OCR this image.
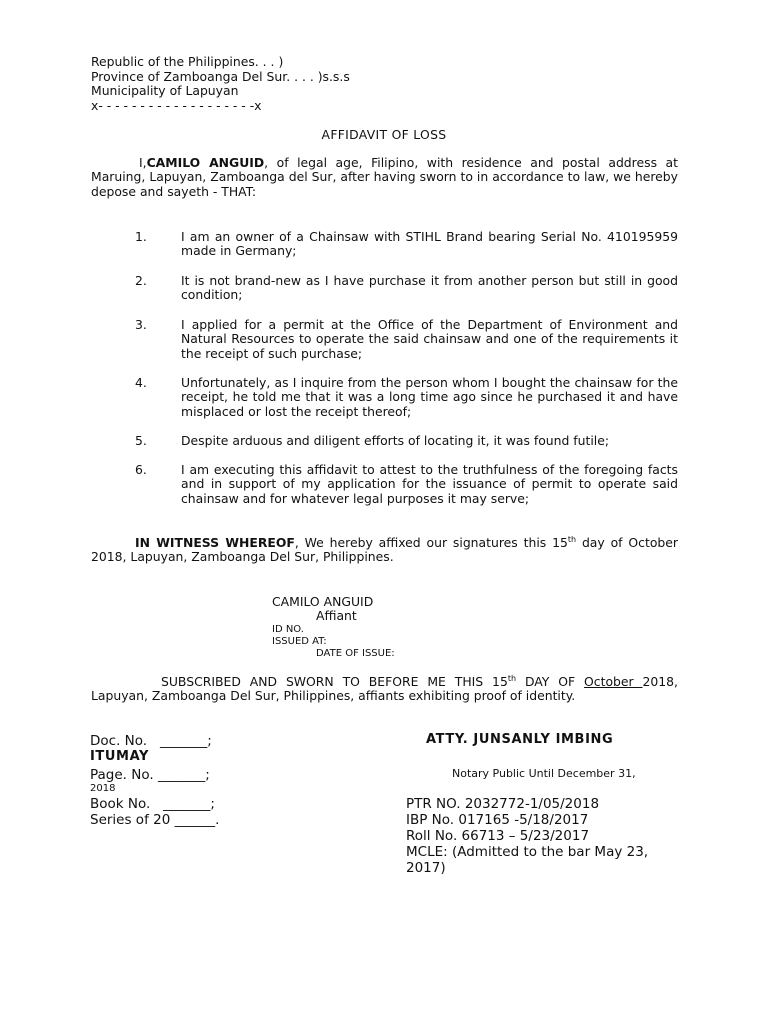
Republic of the Philippines. . . )
Province of Zamboanga Del Sur. . . . )s.s.s
Municipality of Lapuyan
x- - - - - - - - - - - - - - - - - - -x
AFFIDAVIT OF LOSS

I,CAMILO ANGUID, of legal age, Filipino, with residence and postal address at Maruing, Lapuyan, Zamboanga del Sur, after having sworn to in accordance to law, we hereby depose and sayeth - THAT:

1.	I am an owner of a Chainsaw with STIHL Brand bearing Serial No. 410195959 made in Germany;
2.	It is not brand-new as I have purchase it from another person but still in good condition;
3.	I applied for a permit at the Office of the Department of Environment and Natural Resources to operate the said chainsaw and one of the requirements it the receipt of such purchase;
4.	Unfortunately, as I inquire from the person whom I bought the chainsaw for the receipt, he told me that it was a long time ago since he purchased it and have misplaced or lost the receipt thereof;
5.	Despite arduous and diligent efforts of locating it, it was found futile;
6.	I am executing this affidavit to attest to the truthfulness of the foregoing facts and in support of my application for the issuance of permit to operate said chainsaw and for whatever legal purposes it may serve;

IN WITNESS WHEREOF, We hereby affixed our signatures this 15th day of October 2018, Lapuyan, Zamboanga Del Sur, Philippines.

CAMILO ANGUID
Affiant
ID NO.
ISSUED AT:
DATE OF ISSUE:

SUBSCRIBED AND SWORN TO BEFORE ME THIS 15th DAY OF October 2018, Lapuyan, Zamboanga Del Sur, Philippines, affiants exhibiting proof of identity.

Doc. No.   _______;	ATTY. JUNSANLY IMBING
ITUMAY
Page. No. _______;	Notary Public Until December 31,
2018
Book No.   _______;
Series of 20 ______.
PTR NO. 2032772-1/05/2018
IBP No. 017165 -5/18/2017
Roll No. 66713 – 5/23/2017
MCLE: (Admitted to the bar May 23, 2017)
